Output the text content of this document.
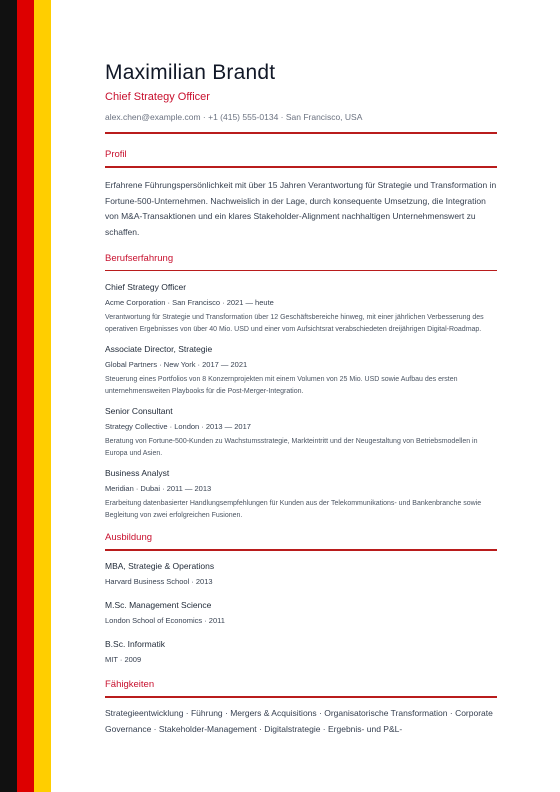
Maximilian Brandt
Chief Strategy Officer
alex.chen@example.com · +1 (415) 555-0134 · San Francisco, USA
Profil
Erfahrene Führungspersönlichkeit mit über 15 Jahren Verantwortung für Strategie und Transformation in Fortune-500-Unternehmen. Nachweislich in der Lage, durch konsequente Umsetzung, die Integration von M&A-Transaktionen und ein klares Stakeholder-Alignment nachhaltigen Unternehmenswert zu schaffen.
Berufserfahrung
Chief Strategy Officer
Acme Corporation · San Francisco · 2021 — heute
Verantwortung für Strategie und Transformation über 12 Geschäftsbereiche hinweg, mit einer jährlichen Verbesserung des operativen Ergebnisses von über 40 Mio. USD und einer vom Aufsichtsrat verabschiedeten dreijährigen Digital-Roadmap.
Associate Director, Strategie
Global Partners · New York · 2017 — 2021
Steuerung eines Portfolios von 8 Konzernprojekten mit einem Volumen von 25 Mio. USD sowie Aufbau des ersten unternehmensweiten Playbooks für die Post-Merger-Integration.
Senior Consultant
Strategy Collective · London · 2013 — 2017
Beratung von Fortune-500-Kunden zu Wachstumsstrategie, Markteintritt und der Neugestaltung von Betriebsmodellen in Europa und Asien.
Business Analyst
Meridian · Dubai · 2011 — 2013
Erarbeitung datenbasierter Handlungsempfehlungen für Kunden aus der Telekommunikations- und Bankenbranche sowie Begleitung von zwei erfolgreichen Fusionen.
Ausbildung
MBA, Strategie & Operations
Harvard Business School · 2013
M.Sc. Management Science
London School of Economics · 2011
B.Sc. Informatik
MIT · 2009
Fähigkeiten
Strategieentwicklung · Führung · Mergers & Acquisitions · Organisatorische Transformation · Corporate Governance · Stakeholder-Management · Digitalstrategie · Ergebnis- und P&L-
